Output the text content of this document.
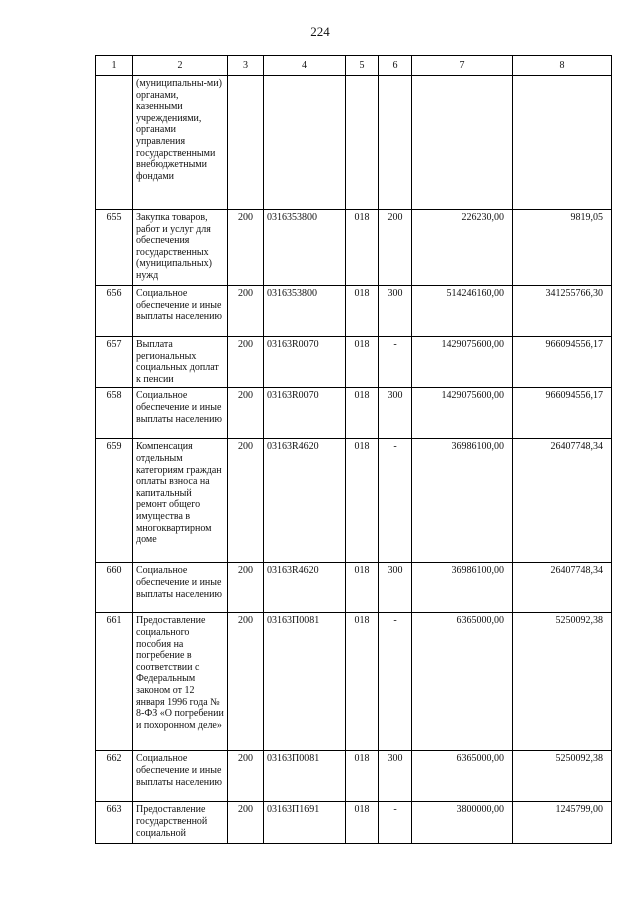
224
1	2	3	4	5	6	7	8
	(муниципальны-ми) органами, казенными учреждениями, органами управления государственными внебюджетными фондами						
655	Закупка товаров, работ и услуг для обеспечения государственных (муниципальных) нужд	200	0316353800	018	200	226230,00	9819,05
656	Социальное обеспечение и иные выплаты населению	200	0316353800	018	300	514246160,00	341255766,30
657	Выплата региональных социальных доплат к пенсии	200	03163R0070	018	-	1429075600,00	966094556,17
658	Социальное обеспечение и иные выплаты населению	200	03163R0070	018	300	1429075600,00	966094556,17
659	Компенсация отдельным категориям граждан оплаты взноса на капитальный ремонт общего имущества в многоквартирном доме	200	03163R4620	018	-	36986100,00	26407748,34
660	Социальное обеспечение и иные выплаты населению	200	03163R4620	018	300	36986100,00	26407748,34
661	Предоставление социального пособия на погребение в соответствии с Федеральным законом от 12 января 1996 года № 8-ФЗ «О погребении и похоронном деле»	200	03163П0081	018	-	6365000,00	5250092,38
662	Социальное обеспечение и иные выплаты населению	200	03163П0081	018	300	6365000,00	5250092,38
663	Предоставление государственной социальной	200	03163П1691	018	-	3800000,00	1245799,00
